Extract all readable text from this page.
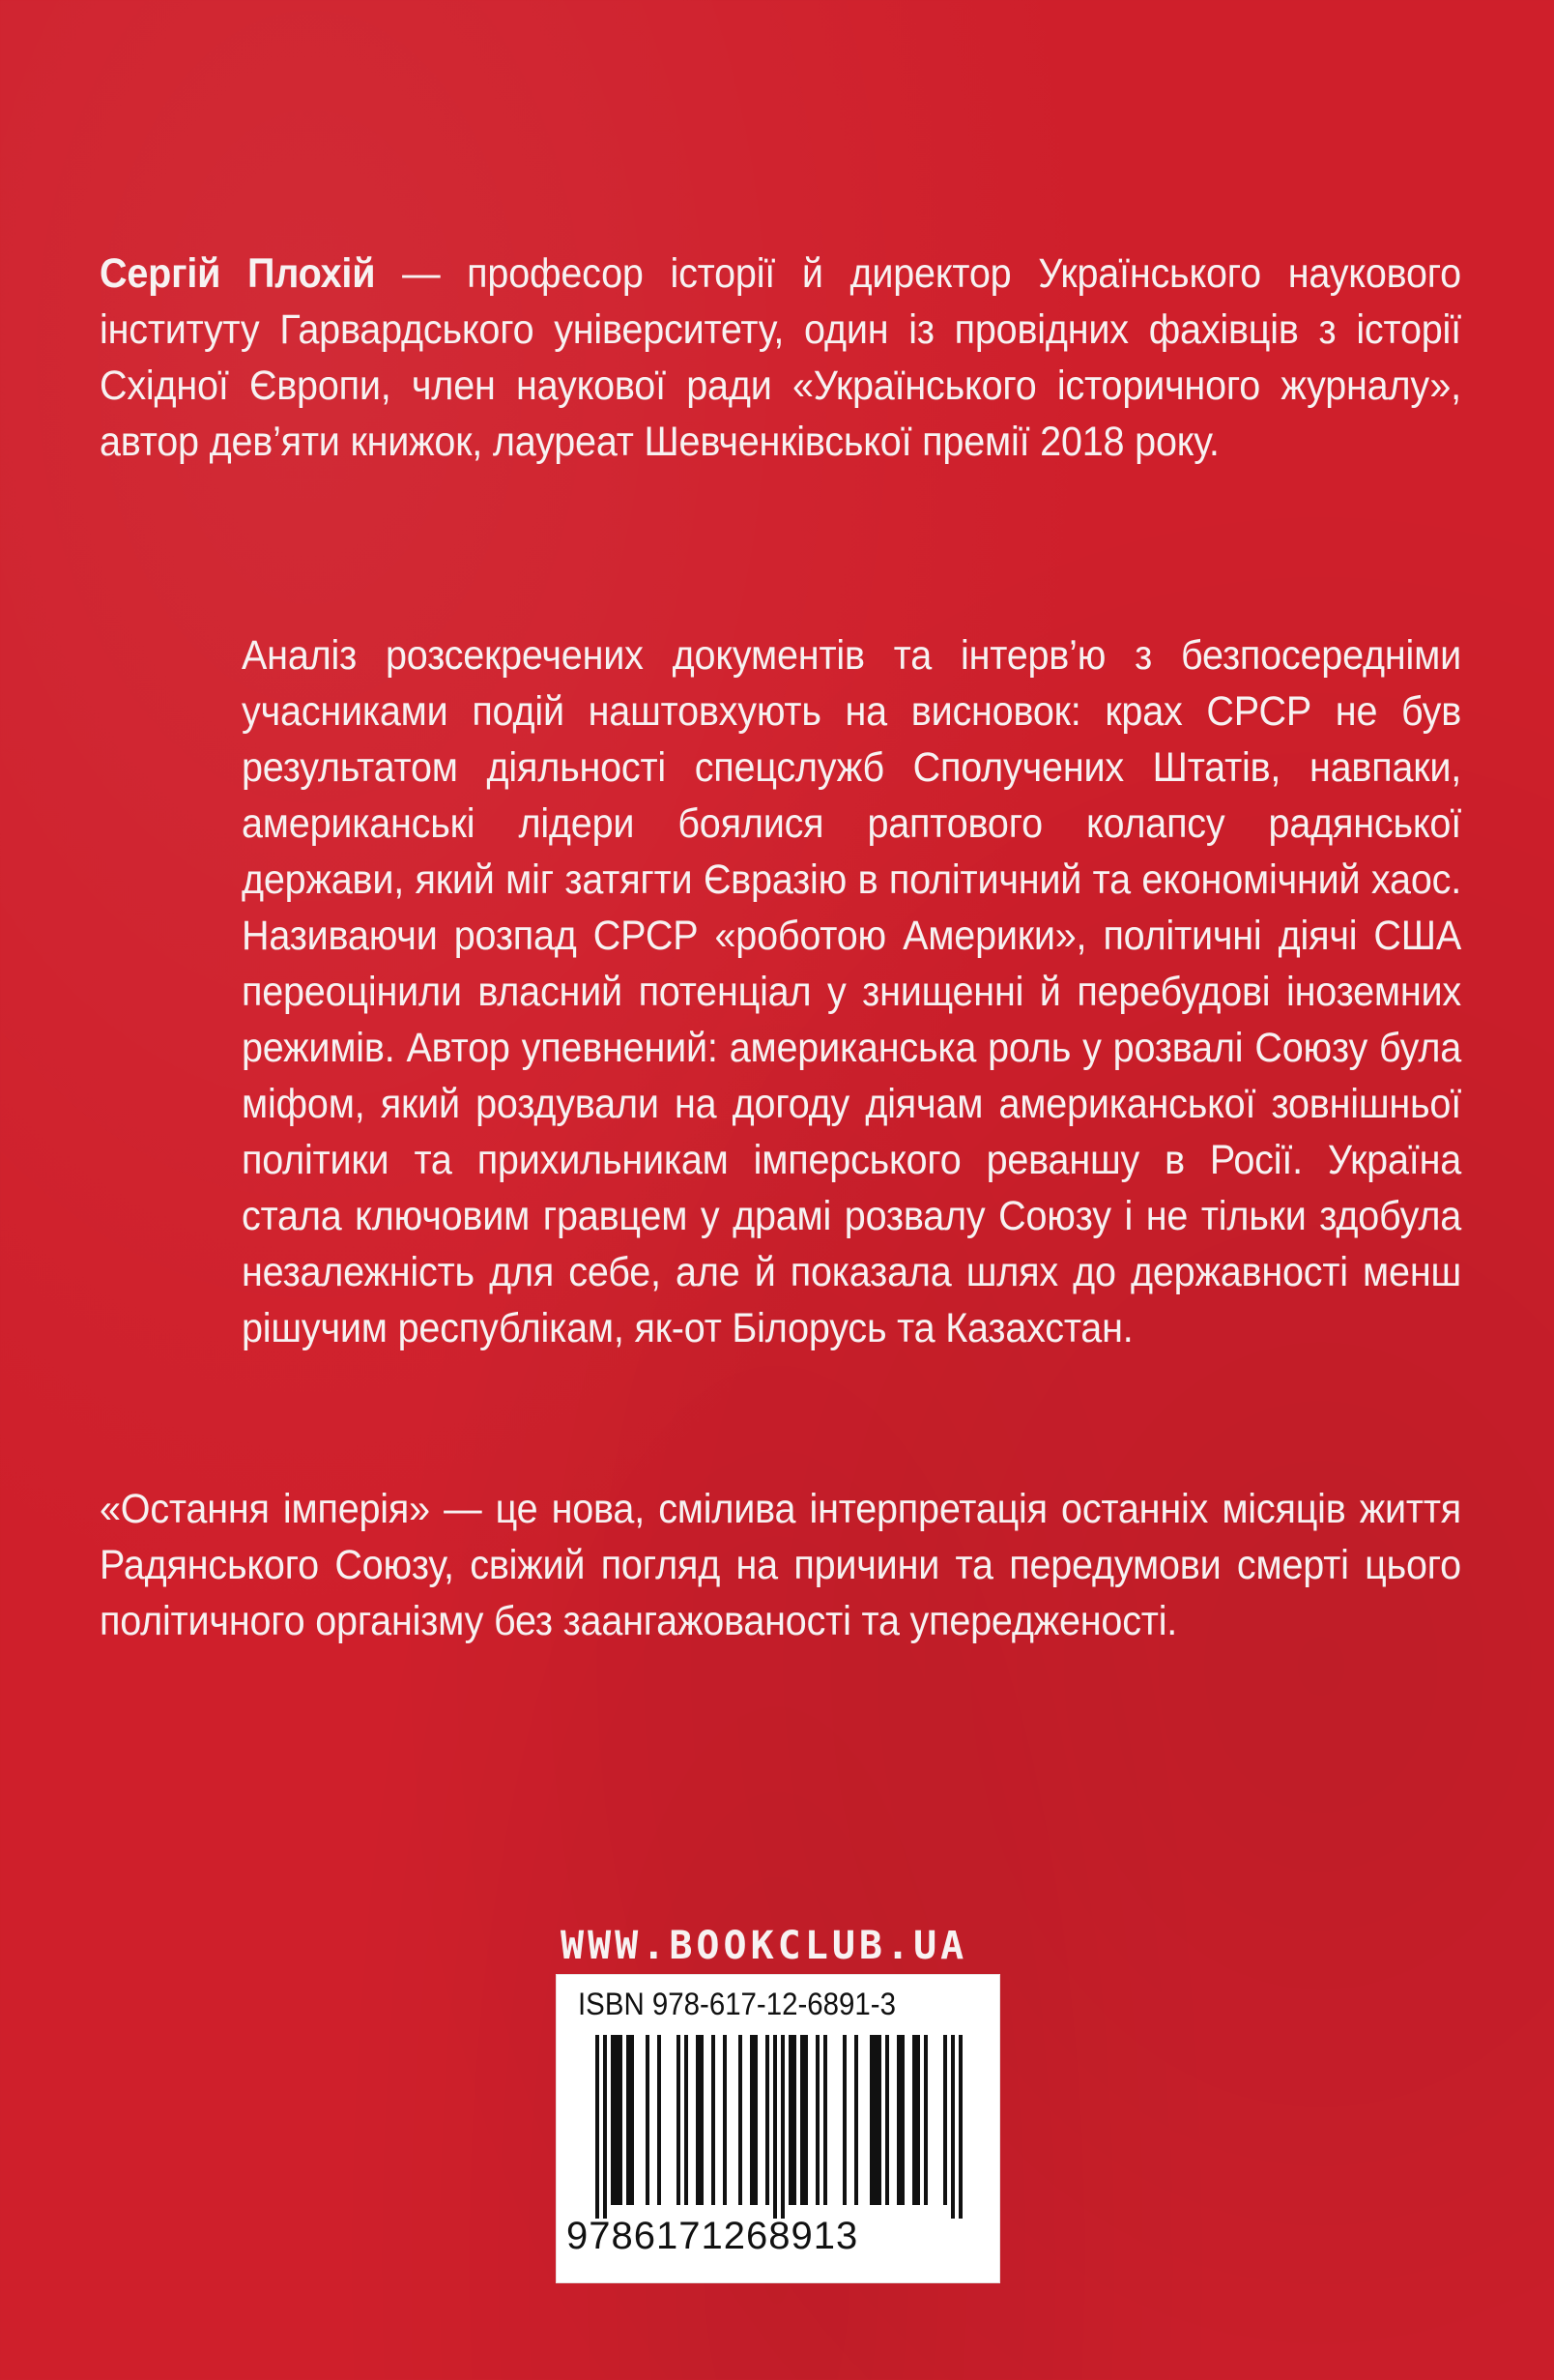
Сергій Плохій — професор історії й директор Українського наукового інституту Гарвардського університету, один із провідних фахівців з історії Східної Європи, член наукової ради «Українського історичного журналу», автор дев’яти книжок, лауреат Шевченківської премії 2018 року.
Аналіз розсекречених документів та інтерв’ю з безпосередніми учасниками подій наштовхують на висновок: крах СРСР не був результатом діяльності спецслужб Сполучених Штатів, навпаки, американські лідери боялися раптового колапсу радянської держави, який міг затягти Євразію в політичний та економічний хаос. Називаючи розпад СРСР «роботою Америки», політичні діячі США переоцінили власний потенціал у знищенні й перебудові іноземних режимів. Автор упевнений: американська роль у розвалі Союзу була міфом, який роздували на догоду діячам американської зовнішньої політики та прихильникам імперського реваншу в Росії. Україна стала ключовим гравцем у драмі розвалу Союзу і не тільки здобула незалежність для себе, але й показала шлях до державності менш рішучим республікам, як-от Білорусь та Казахстан.
«Остання імперія» — це нова, смілива інтерпретація останніх місяців життя Радянського Союзу, свіжий погляд на причини та передумови смерті цього політичного організму без заангажованості та упередженості.
WWW.BOOKCLUB.UA
ISBN 978-617-12-6891-3
9786171268913
